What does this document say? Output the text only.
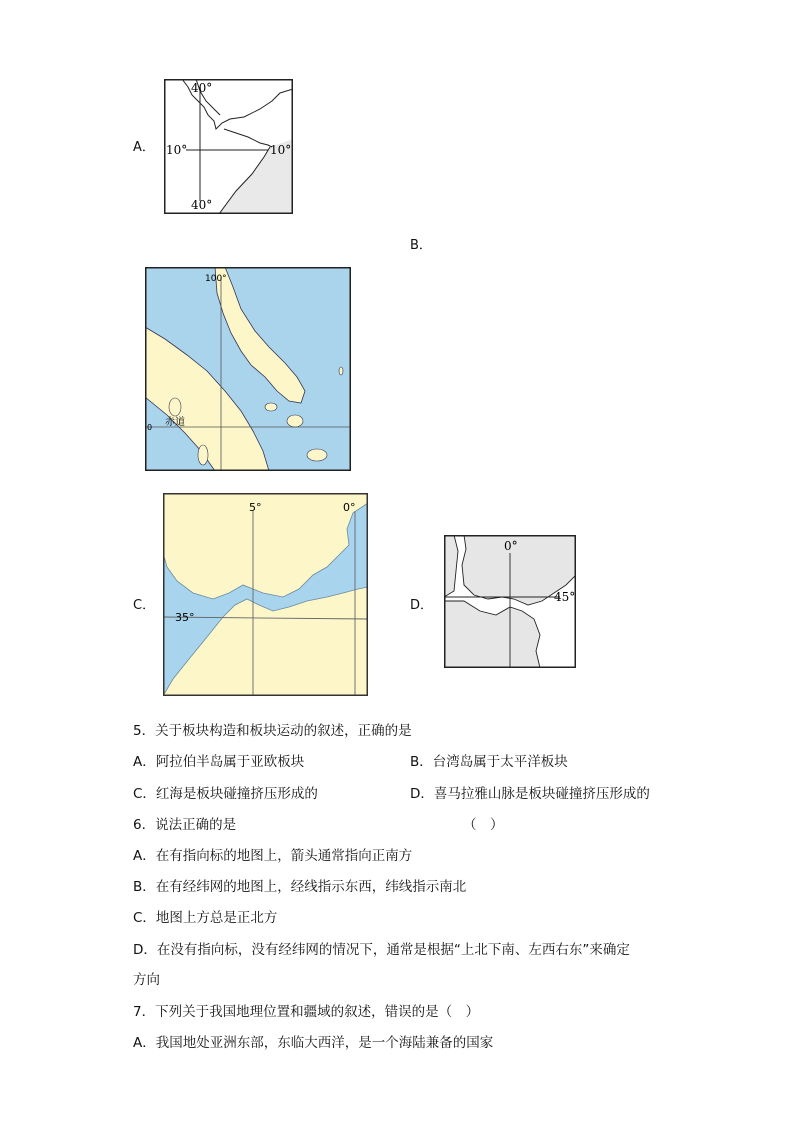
A．
B．
C．	D．
40°
40°
10°	10°
100°
赤道
0
5°	0°
35°
0°
45°
5．关于板块构造和板块运动的叙述，正确的是
A．阿拉伯半岛属于亚欧板块	B．台湾岛属于太平洋板块
C．红海是板块碰撞挤压形成的	D．喜马拉雅山脉是板块碰撞挤压形成的
6．说法正确的是	（　）
A．在有指向标的地图上，箭头通常指向正南方
B．在有经纬网的地图上，经线指示东西，纬线指示南北
C．地图上方总是正北方
D．在没有指向标，没有经纬网的情况下，通常是根据“上北下南、左西右东”来确定
方向
7．下列关于我国地理位置和疆域的叙述，错误的是（　）
A．我国地处亚洲东部，东临大西洋，是一个海陆兼备的国家
